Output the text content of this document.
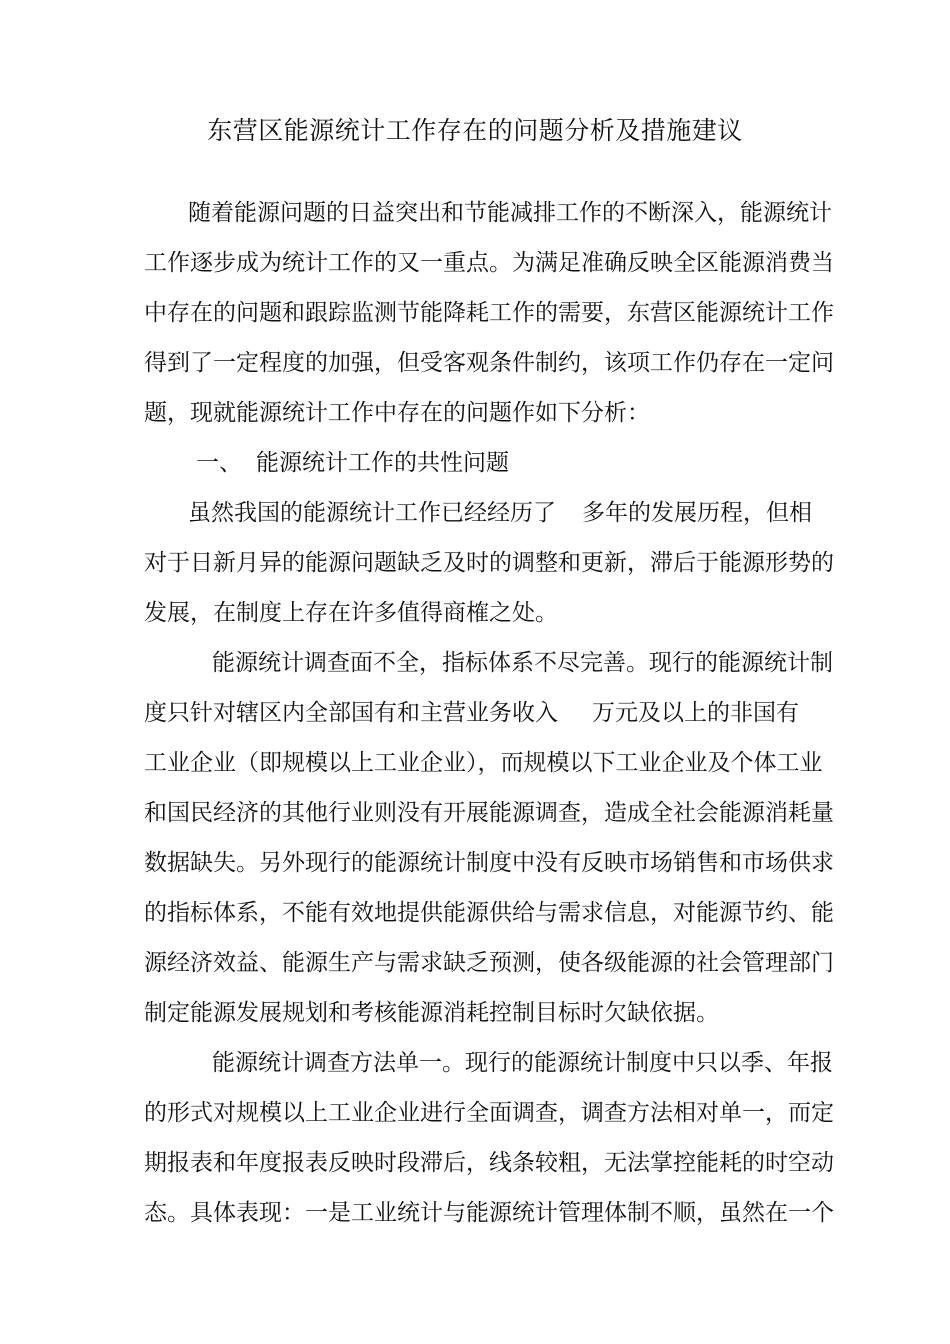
东营区能源统计工作存在的问题分析及措施建议
随着能源问题的日益突出和节能减排工作的不断深入，能源统计
工作逐步成为统计工作的又一重点。为满足准确反映全区能源消费当
中存在的问题和跟踪监测节能降耗工作的需要，东营区能源统计工作
得到了一定程度的加强，但受客观条件制约，该项工作仍存在一定问
题，现就能源统计工作中存在的问题作如下分析：
一、 能源统计工作的共性问题
虽然我国的能源统计工作已经经历了 多年的发展历程，但相
对于日新月异的能源问题缺乏及时的调整和更新，滞后于能源形势的
发展，在制度上存在许多值得商榷之处。
能源统计调查面不全，指标体系不尽完善。现行的能源统计制
度只针对辖区内全部国有和主营业务收入 万元及以上的非国有
工业企业（即规模以上工业企业），而规模以下工业企业及个体工业
和国民经济的其他行业则没有开展能源调查，造成全社会能源消耗量
数据缺失。另外现行的能源统计制度中没有反映市场销售和市场供求
的指标体系，不能有效地提供能源供给与需求信息，对能源节约、能
源经济效益、能源生产与需求缺乏预测，使各级能源的社会管理部门
制定能源发展规划和考核能源消耗控制目标时欠缺依据。
能源统计调查方法单一。现行的能源统计制度中只以季、年报
的形式对规模以上工业企业进行全面调查，调查方法相对单一，而定
期报表和年度报表反映时段滞后，线条较粗，无法掌控能耗的时空动
态。具体表现：一是工业统计与能源统计管理体制不顺，虽然在一个
